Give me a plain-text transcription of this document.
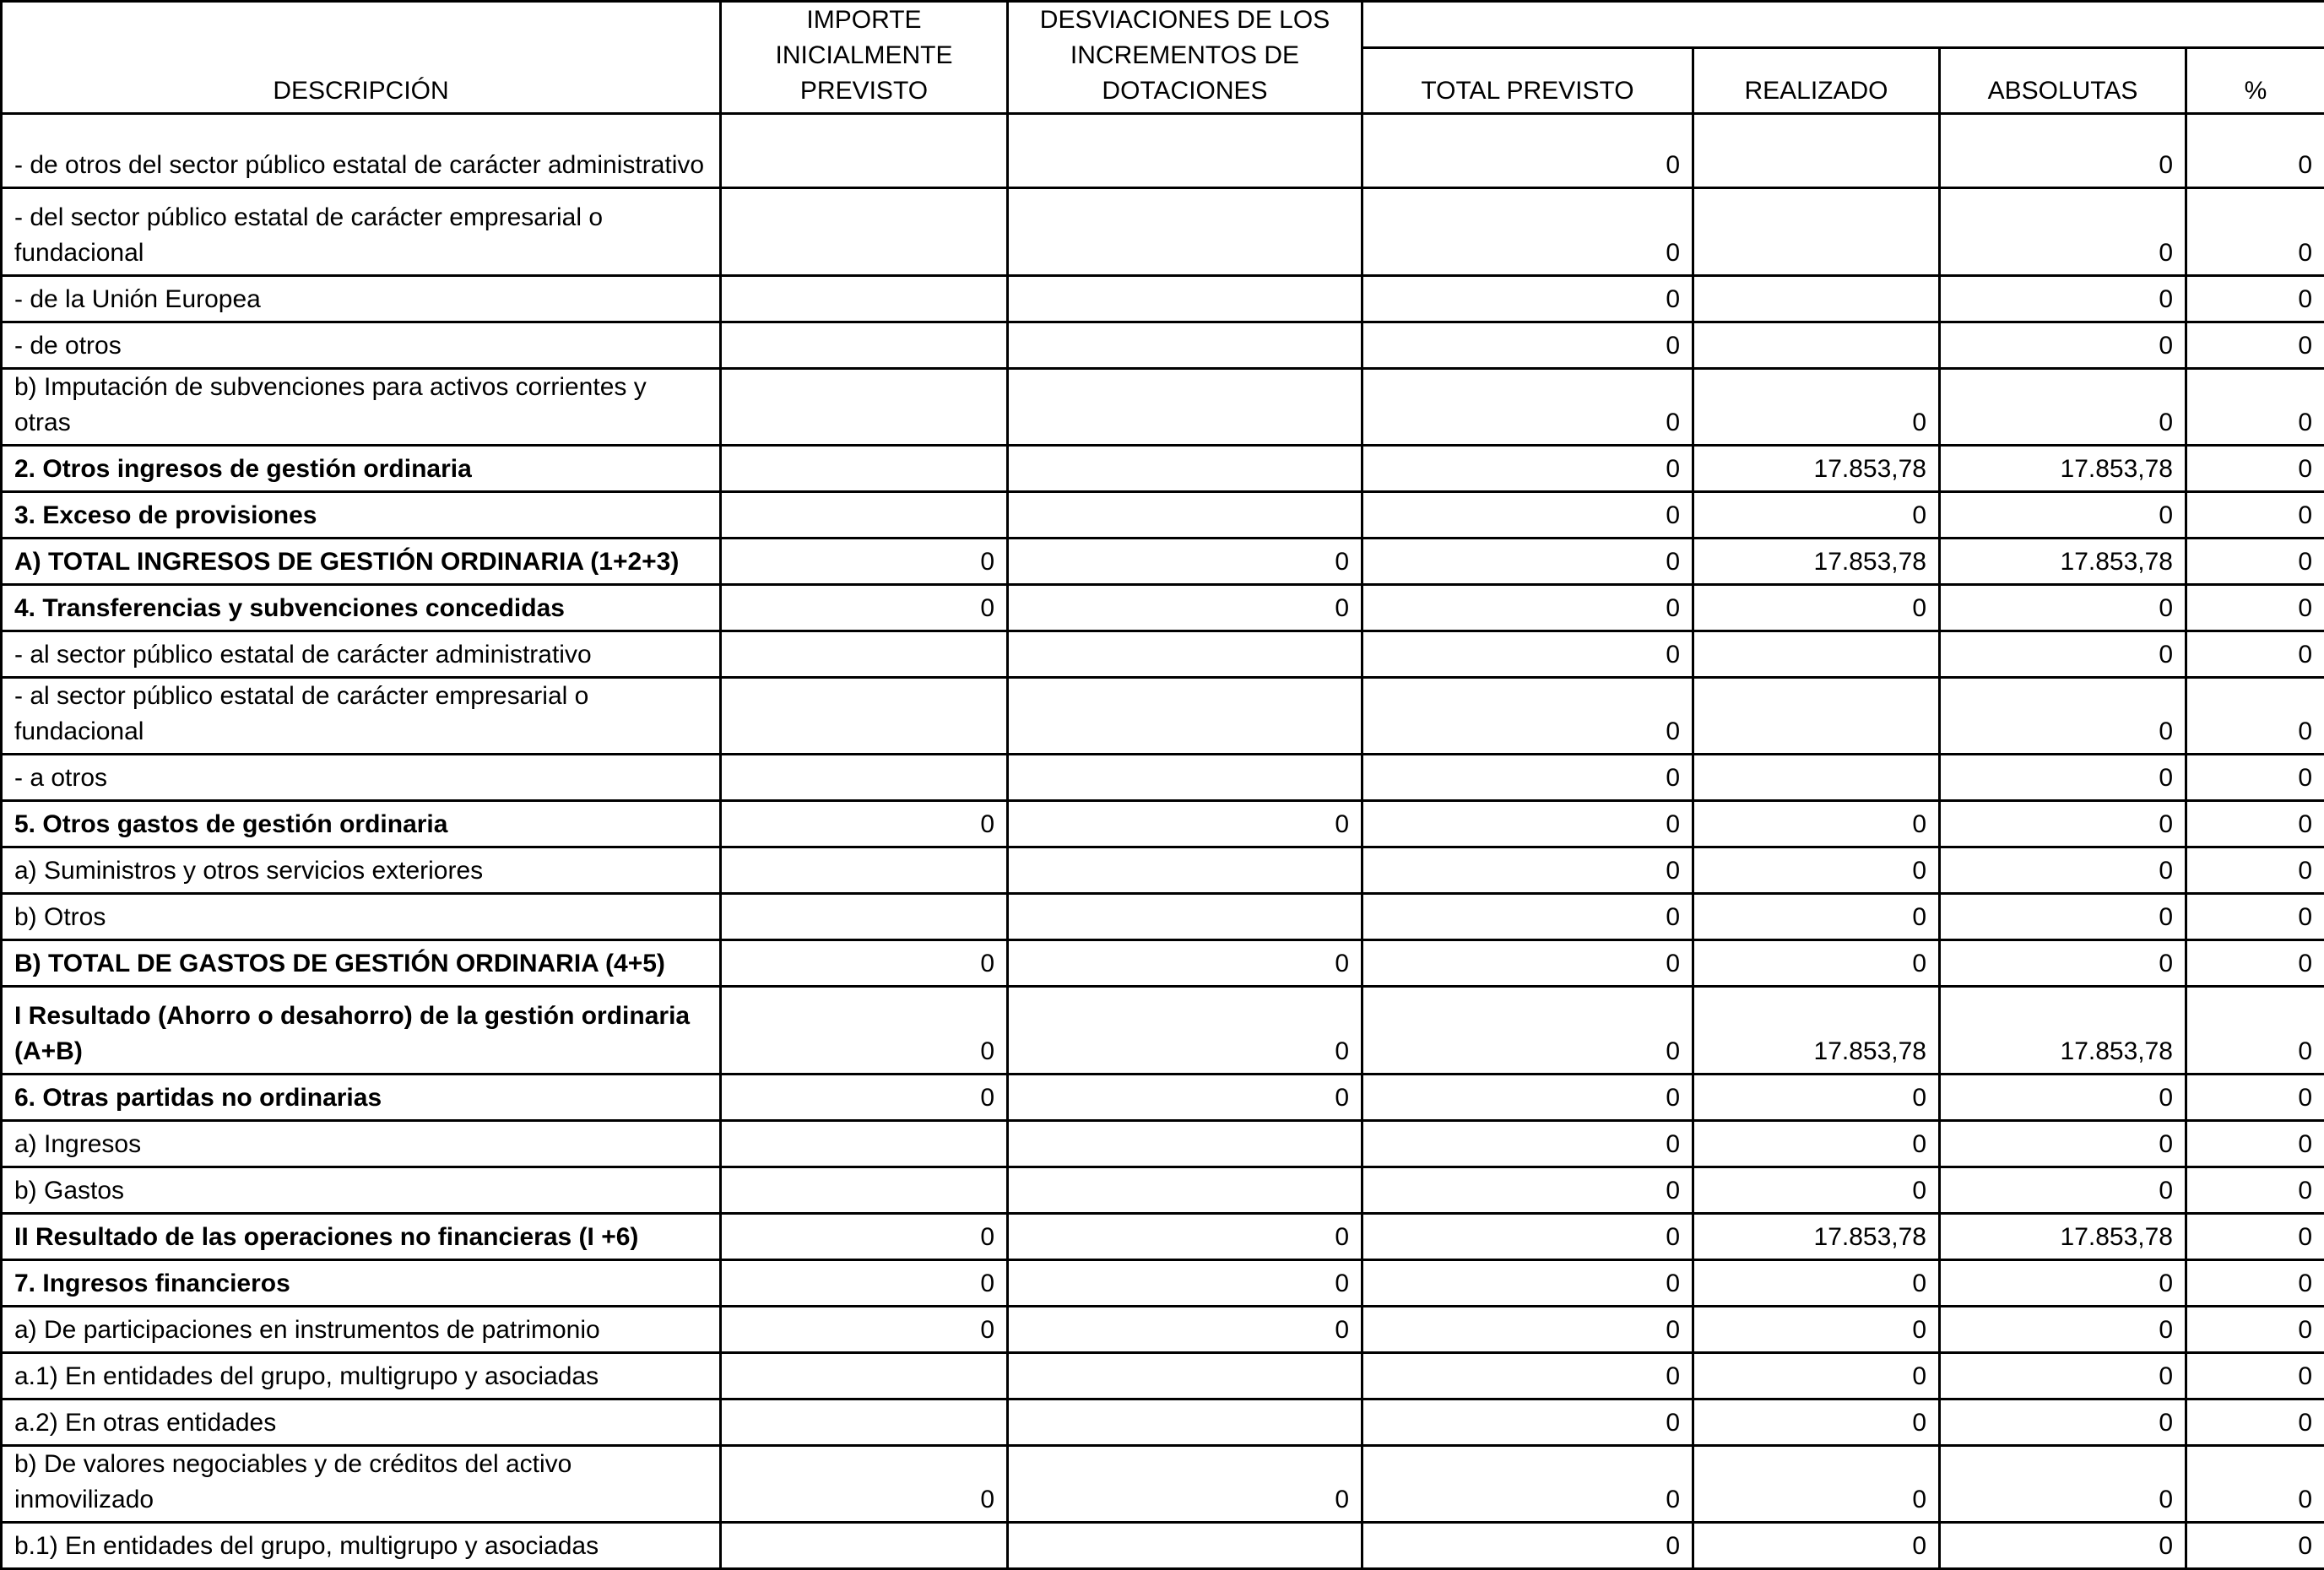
DESCRIPCIÓN	IMPORTE INICIALMENTE PREVISTO	DESVIACIONES DE LOS INCREMENTOS DE DOTACIONES				
			TOTAL PREVISTO	REALIZADO	ABSOLUTAS	%
- de otros del sector público estatal de carácter administrativo			0		0	0
- del sector público estatal de carácter empresarial o fundacional			0		0	0
- de la Unión Europea			0		0	0
- de otros			0		0	0
b) Imputación de subvenciones para activos corrientes y otras			0	0	0	0
2. Otros ingresos de gestión ordinaria			0	17.853,78	17.853,78	0
3. Exceso de provisiones			0	0	0	0
A) TOTAL INGRESOS DE GESTIÓN ORDINARIA (1+2+3)	0	0	0	17.853,78	17.853,78	0
4. Transferencias y subvenciones concedidas	0	0	0	0	0	0
- al sector público estatal de carácter administrativo			0		0	0
- al sector público estatal de carácter empresarial o fundacional			0		0	0
- a otros			0		0	0
5. Otros gastos de gestión ordinaria	0	0	0	0	0	0
a) Suministros y otros servicios exteriores			0	0	0	0
b) Otros			0	0	0	0
B) TOTAL DE GASTOS DE GESTIÓN ORDINARIA (4+5)	0	0	0	0	0	0
I Resultado (Ahorro o desahorro) de la gestión ordinaria (A+B)	0	0	0	17.853,78	17.853,78	0
6. Otras partidas no ordinarias	0	0	0	0	0	0
a) Ingresos			0	0	0	0
b) Gastos			0	0	0	0
II Resultado de las operaciones no financieras (I +6)	0	0	0	17.853,78	17.853,78	0
7. Ingresos financieros	0	0	0	0	0	0
a) De participaciones en instrumentos de patrimonio	0	0	0	0	0	0
a.1) En entidades del grupo, multigrupo y asociadas			0	0	0	0
a.2) En otras entidades			0	0	0	0
b) De valores negociables y de créditos del activo inmovilizado	0	0	0	0	0	0
b.1) En entidades del grupo, multigrupo y asociadas			0	0	0	0
